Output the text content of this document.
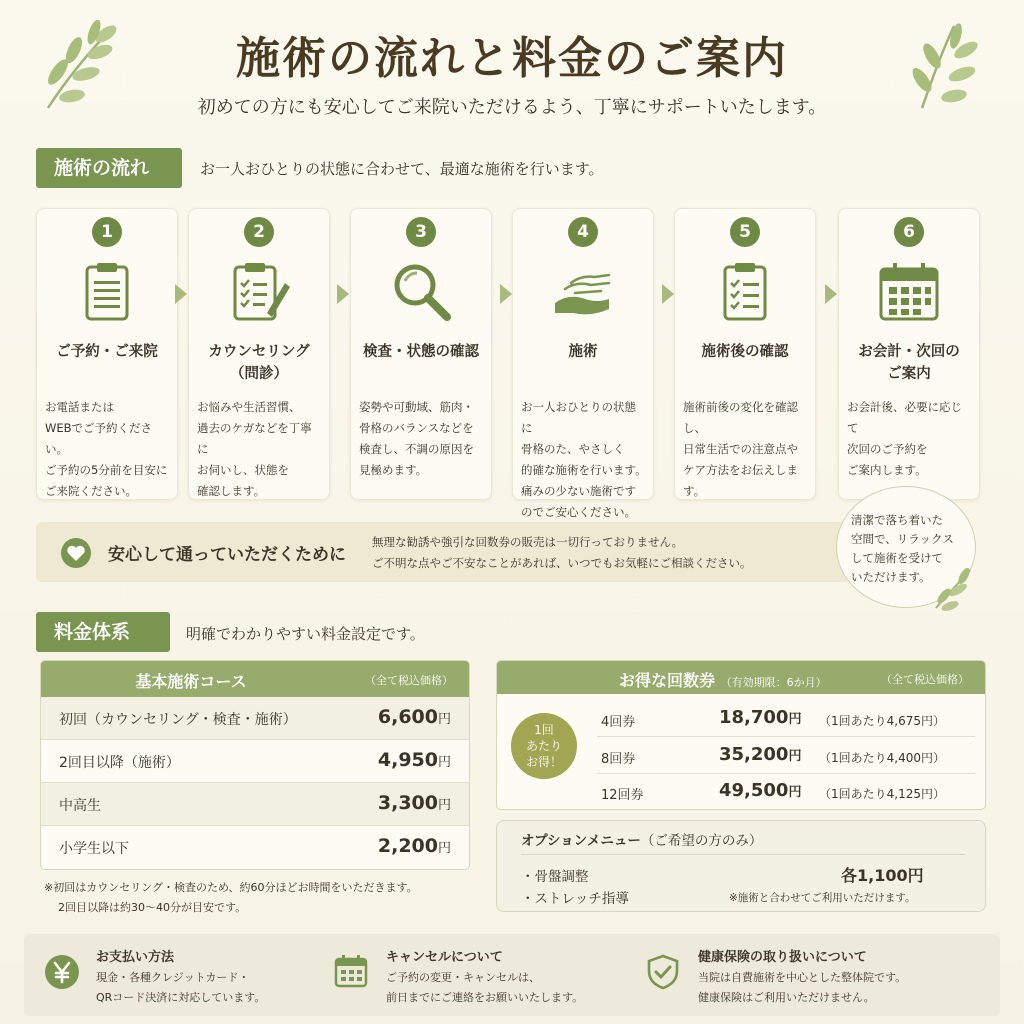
施術の流れと料金のご案内
初めての方にも安心してご来院いただけるよう、丁寧にサポートいたします。
施術の流れ	お一人おひとりの状態に合わせて、最適な施術を行います。
1
ご予約・ご来院
お電話または
WEBでご予約ください。
ご予約の5分前を目安に
ご来院ください。
2
カウンセリング
（問診）
お悩みや生活習慣、
過去のケガなどを丁寧に
お伺いし、状態を
確認します。
3
検査・状態の確認
姿勢や可動域、筋肉・
骨格のバランスなどを
検査し、不調の原因を
見極めます。
4
施術
お一人おひとりの状態に
骨格のた、やさしく
的確な施術を行います。
痛みの少ない施術です
のでご安心ください。
5
施術後の確認
施術前後の変化を確認し、
日常生活での注意点や
ケア方法をお伝えします。
6
お会計・次回の
ご案内
お会計後、必要に応じて
次回のご予約を
ご案内します。
安心して通っていただくために
無理な勧誘や強引な回数券の販売は一切行っておりません。
ご不明な点やご不安なことがあれば、いつでもお気軽にご相談ください。
清潔で落ち着いた
空間で、リラックス
して施術を受けて
いただけます。
料金体系	明確でわかりやすい料金設定です。
基本施術コース	（全て税込価格）
初回（カウンセリング・検査・施術）	6,600円
2回目以降（施術）	4,950円
中高生	3,300円
小学生以下	2,200円
※初回はカウンセリング・検査のため、約60分ほどお時間をいただきます。
2回目以降は約30〜40分が目安です。
お得な回数券 （有効期限：6か月）	（全て税込価格）
1回
あたり
お得！
4回券	18,700円 （1回あたり4,675円）
8回券	35,200円 （1回あたり4,400円）
12回券	49,500円 （1回あたり4,125円）
オプションメニュー（ご希望の方のみ）
・骨盤調整
・ストレッチ指導
各1,100円
※施術と合わせてご利用いただけます。
お支払い方法
現金・各種クレジットカード・
QRコード決済に対応しています。
キャンセルについて
ご予約の変更・キャンセルは、
前日までにご連絡をお願いいたします。
健康保険の取り扱いについて
当院は自費施術を中心とした整体院です。
健康保険はご利用いただけません。
